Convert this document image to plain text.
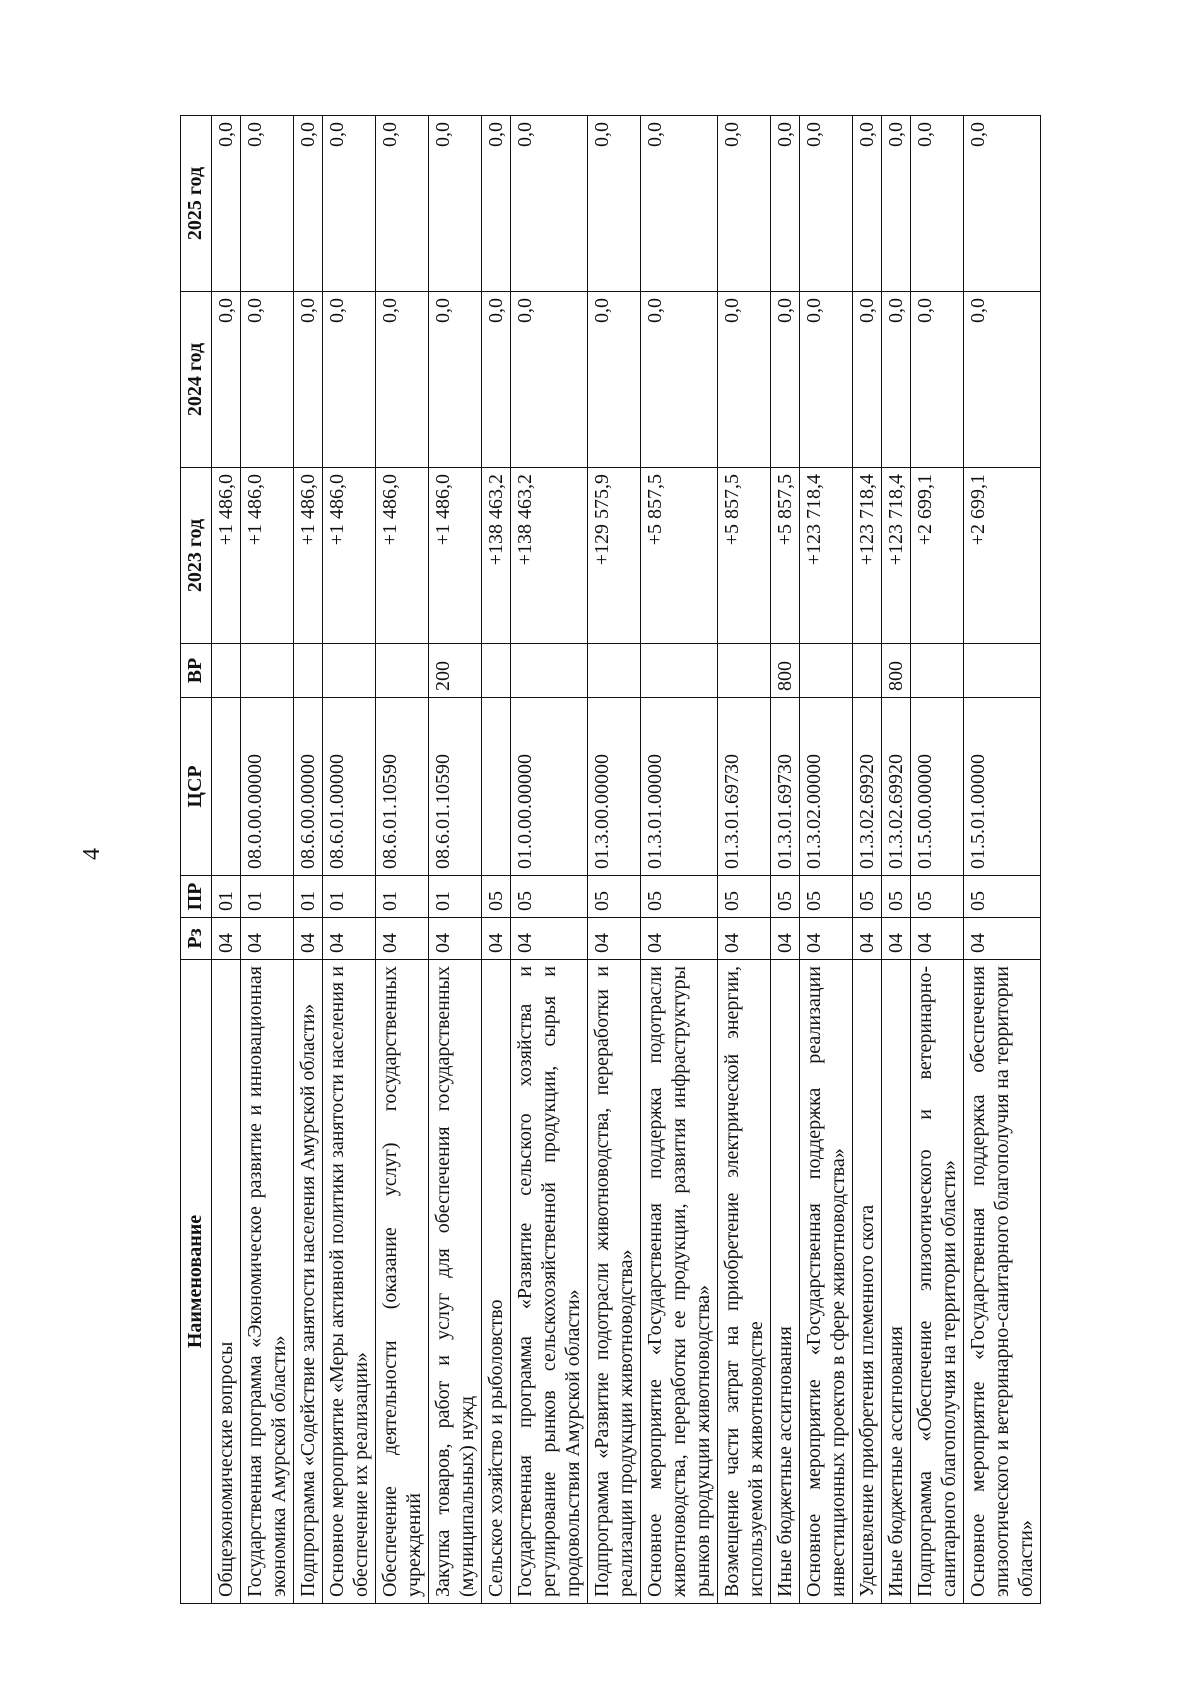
4
Наименование	Рз	ПР	ЦСР	ВР	2023 год	2024 год	2025 год
Общеэкономические вопросы	04	01			+1 486,0	0,0	0,0
Государственная программа «Экономическое развитие и инновационная экономика Амурской области»	04	01	08.0.00.00000		+1 486,0	0,0	0,0
Подпрограмма «Содействие занятости населения Амурской области»	04	01	08.6.00.00000		+1 486,0	0,0	0,0
Основное мероприятие «Меры активной политики занятости населения и обеспечение их реализации»	04	01	08.6.01.00000		+1 486,0	0,0	0,0
Обеспечение деятельности (оказание услуг) государственных учреждений	04	01	08.6.01.10590		+1 486,0	0,0	0,0
Закупка товаров, работ и услуг для обеспечения государственных (муниципальных) нужд	04	01	08.6.01.10590	200	+1 486,0	0,0	0,0
Сельское хозяйство и рыболовство	04	05			+138 463,2	0,0	0,0
Государственная программа «Развитие сельского хозяйства и регулирование рынков сельскохозяйственной продукции, сырья и продовольствия Амурской области»	04	05	01.0.00.00000		+138 463,2	0,0	0,0
Подпрограмма «Развитие подотрасли животноводства, переработки и реализации продукции животноводства»	04	05	01.3.00.00000		+129 575,9	0,0	0,0
Основное мероприятие «Государственная поддержка подотрасли животноводства, переработки ее продукции, развития инфраструктуры рынков продукции животноводства»	04	05	01.3.01.00000		+5 857,5	0,0	0,0
Возмещение части затрат на приобретение электрической энергии, используемой в животноводстве	04	05	01.3.01.69730		+5 857,5	0,0	0,0
Иные бюджетные ассигнования	04	05	01.3.01.69730	800	+5 857,5	0,0	0,0
Основное мероприятие «Государственная поддержка реализации инвестиционных проектов в сфере животноводства»	04	05	01.3.02.00000		+123 718,4	0,0	0,0
Удешевление приобретения племенного скота	04	05	01.3.02.69920		+123 718,4	0,0	0,0
Иные бюджетные ассигнования	04	05	01.3.02.69920	800	+123 718,4	0,0	0,0
Подпрограмма «Обеспечение эпизоотического и ветеринарно-санитарного благополучия на территории области»	04	05	01.5.00.00000		+2 699,1	0,0	0,0
Основное мероприятие «Государственная поддержка обеспечения эпизоотического и ветеринарно-санитарного благополучия на территории области»	04	05	01.5.01.00000		+2 699,1	0,0	0,0
